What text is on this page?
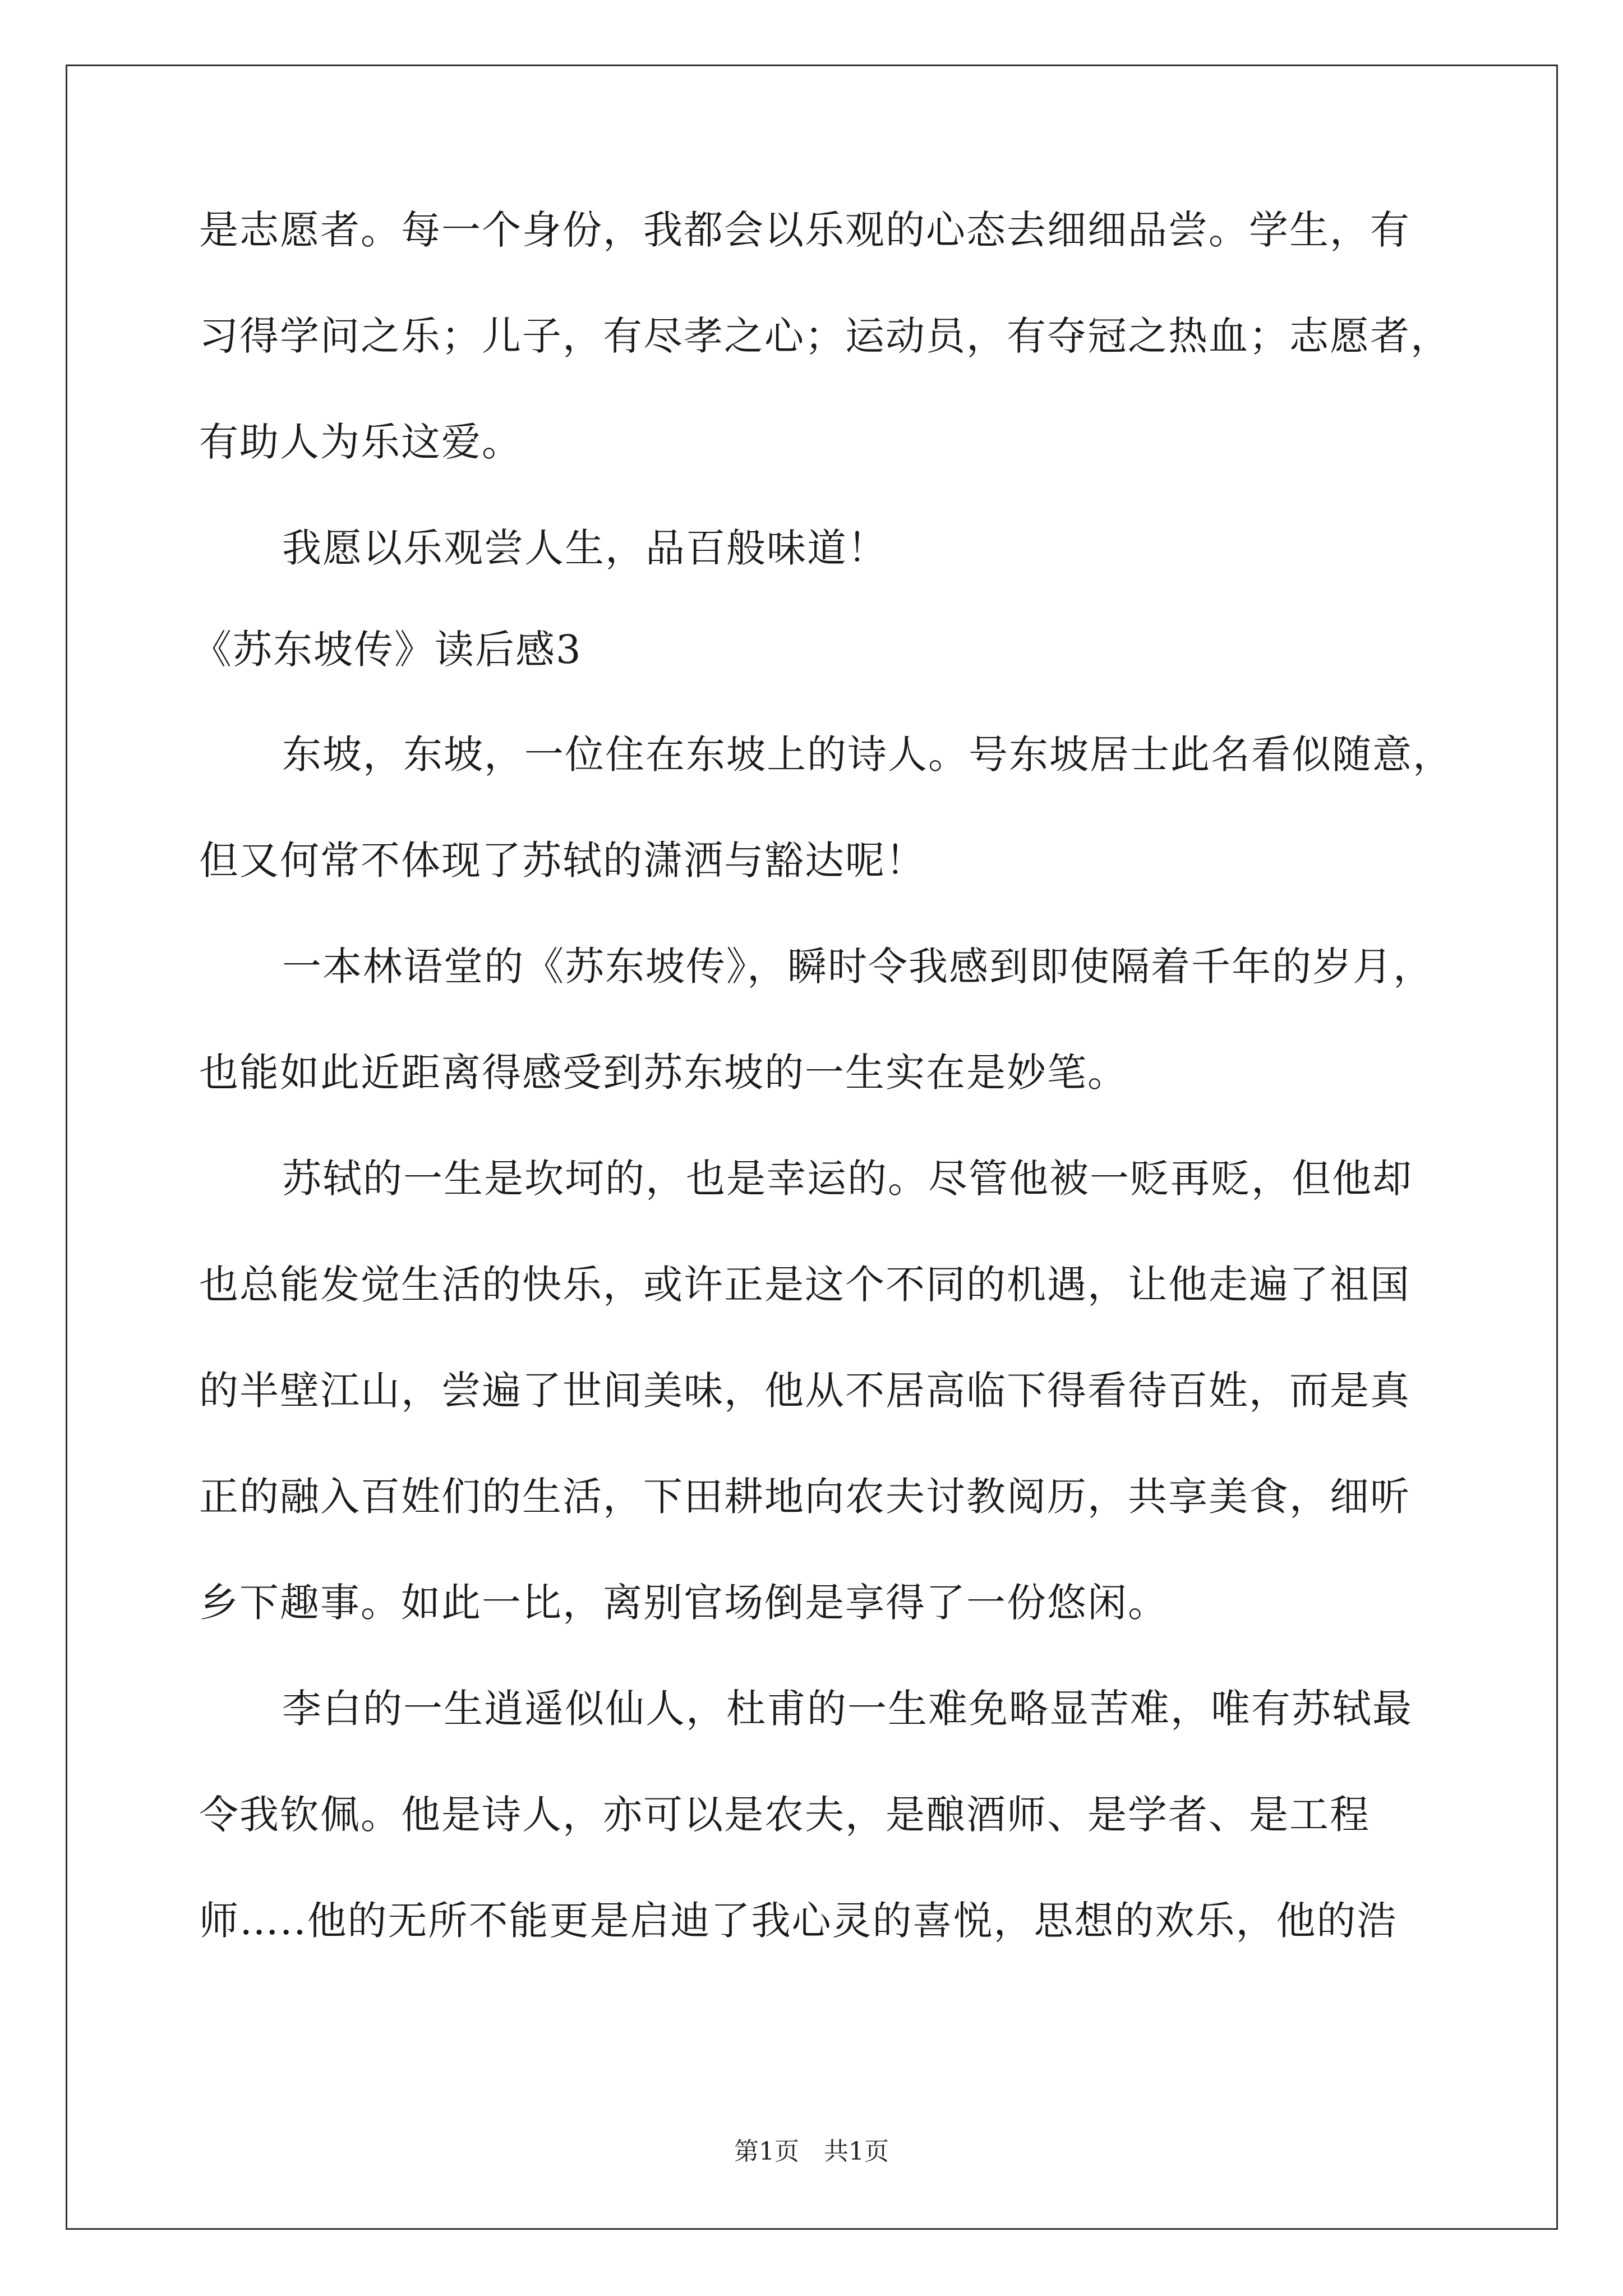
是志愿者。每一个身份，我都会以乐观的心态去细细品尝。学生，有
习得学问之乐；儿子，有尽孝之心；运动员，有夺冠之热血；志愿者，
有助人为乐这爱。
我愿以乐观尝人生，品百般味道！
《苏东坡传》读后感3
东坡，东坡，一位住在东坡上的诗人。号东坡居士此名看似随意，
但又何常不体现了苏轼的潇洒与豁达呢！
一本林语堂的《苏东坡传》，瞬时令我感到即使隔着千年的岁月，
也能如此近距离得感受到苏东坡的一生实在是妙笔。
苏轼的一生是坎坷的，也是幸运的。尽管他被一贬再贬，但他却
也总能发觉生活的快乐，或许正是这个不同的机遇，让他走遍了祖国
的半壁江山，尝遍了世间美味，他从不居高临下得看待百姓，而是真
正的融入百姓们的生活，下田耕地向农夫讨教阅历，共享美食，细听
乡下趣事。如此一比，离别官场倒是享得了一份悠闲。
李白的一生逍遥似仙人，杜甫的一生难免略显苦难，唯有苏轼最
令我钦佩。他是诗人，亦可以是农夫，是酿酒师、是学者、是工程
师…..他的无所不能更是启迪了我心灵的喜悦，思想的欢乐，他的浩
第1页　共1页
